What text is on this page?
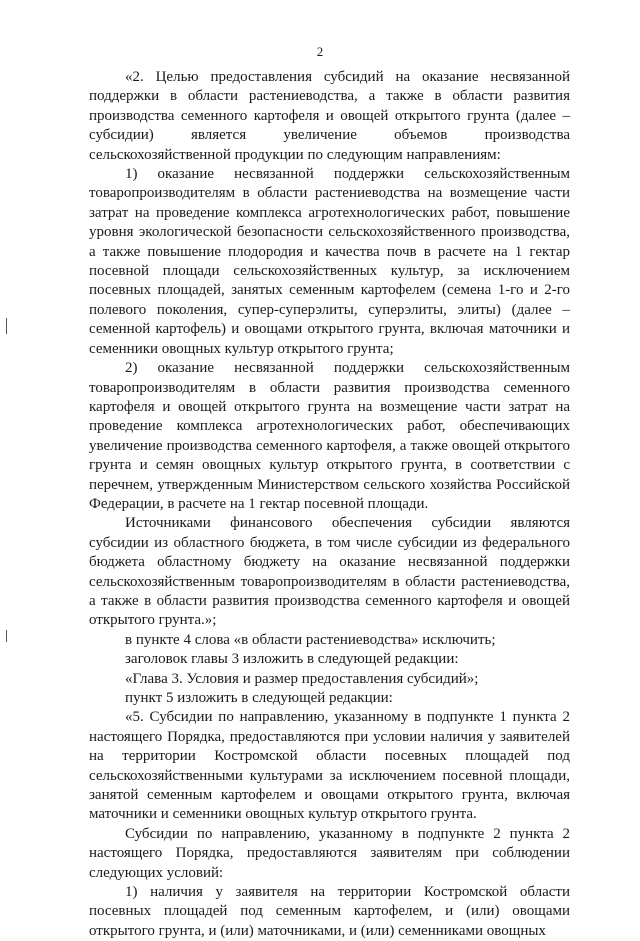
2

«2. Целью предоставления субсидий на оказание несвязанной поддержки в области растениеводства, а также в области развития производства семенного картофеля и овощей открытого грунта (далее – субсидии) является увеличение объемов производства сельскохозяйственной продукции по следующим направлениям:

1) оказание несвязанной поддержки сельскохозяйственным товаропроизводителям в области растениеводства на возмещение части затрат на проведение комплекса агротехнологических работ, повышение уровня экологической безопасности сельскохозяйственного производства, а также повышение плодородия и качества почв в расчете на 1 гектар посевной площади сельскохозяйственных культур, за исключением посевных площадей, занятых семенным картофелем (семена 1-го и 2-го полевого поколения, супер-суперэлиты, суперэлиты, элиты) (далее – семенной картофель) и овощами открытого грунта, включая маточники и семенники овощных культур открытого грунта;

2) оказание несвязанной поддержки сельскохозяйственным товаропроизводителям в области развития производства семенного картофеля и овощей открытого грунта на возмещение части затрат на проведение комплекса агротехнологических работ, обеспечивающих увеличение производства семенного картофеля, а также овощей открытого грунта и семян овощных культур открытого грунта, в соответствии с перечнем, утвержденным Министерством сельского хозяйства Российской Федерации, в расчете на 1 гектар посевной площади.

Источниками финансового обеспечения субсидии являются субсидии из областного бюджета, в том числе субсидии из федерального бюджета областному бюджету на оказание несвязанной поддержки сельскохозяйственным товаропроизводителям в области растениеводства, а также в области развития производства семенного картофеля и овощей открытого грунта.»;

в пункте 4 слова «в области растениеводства» исключить;

заголовок главы 3 изложить в следующей редакции:

«Глава 3. Условия и размер предоставления субсидий»;

пункт 5 изложить в следующей редакции:

«5. Субсидии по направлению, указанному в подпункте 1 пункта 2 настоящего Порядка, предоставляются при условии наличия у заявителей на территории Костромской области посевных площадей под сельскохозяйственными культурами за исключением посевной площади, занятой семенным картофелем и овощами открытого грунта, включая маточники и семенники овощных культур открытого грунта.

Субсидии по направлению, указанному в подпункте 2 пункта 2 настоящего Порядка, предоставляются заявителям при соблюдении следующих условий:

1) наличия у заявителя на территории Костромской области посевных площадей под семенным картофелем, и (или) овощами открытого грунта, и (или) маточниками, и (или) семенниками овощных
